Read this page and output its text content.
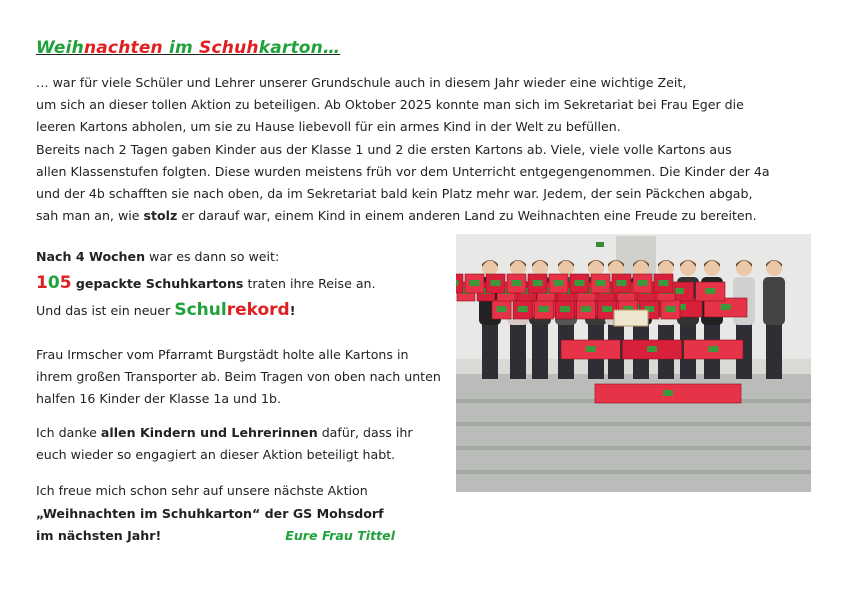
Weihnachten im Schuhkarton…
… war für viele Schüler und Lehrer unserer Grundschule auch in diesem Jahr wieder eine wichtige Zeit,
um sich an dieser tollen Aktion zu beteiligen. Ab Oktober 2025 konnte man sich im Sekretariat bei Frau Eger die
leeren Kartons abholen, um sie zu Hause liebevoll für ein armes Kind in der Welt zu befüllen.
Bereits nach 2 Tagen gaben Kinder aus der Klasse 1 und 2 die ersten Kartons ab. Viele, viele volle Kartons aus
allen Klassenstufen folgten. Diese wurden meistens früh vor dem Unterricht entgegengenommen. Die Kinder der 4a
und der 4b schafften sie nach oben, da im Sekretariat bald kein Platz mehr war. Jedem, der sein Päckchen abgab,
sah man an, wie stolz er darauf war, einem Kind in einem anderen Land zu Weihnachten eine Freude zu bereiten.
Nach 4 Wochen war es dann so weit:
105 gepackte Schuhkartons traten ihre Reise an.
Und das ist ein neuer Schulrekord!
Frau Irmscher vom Pfarramt Burgstädt holte alle Kartons in
ihrem großen Transporter ab. Beim Tragen von oben nach unten
halfen 16 Kinder der Klasse 1a und 1b.
Ich danke allen Kindern und Lehrerinnen dafür, dass ihr
euch wieder so engagiert an dieser Aktion beteiligt habt.
Ich freue mich schon sehr auf unsere nächste Aktion
„Weihnachten im Schuhkarton“ der GS Mohsdorf
im nächsten Jahr!	Eure Frau Tittel
